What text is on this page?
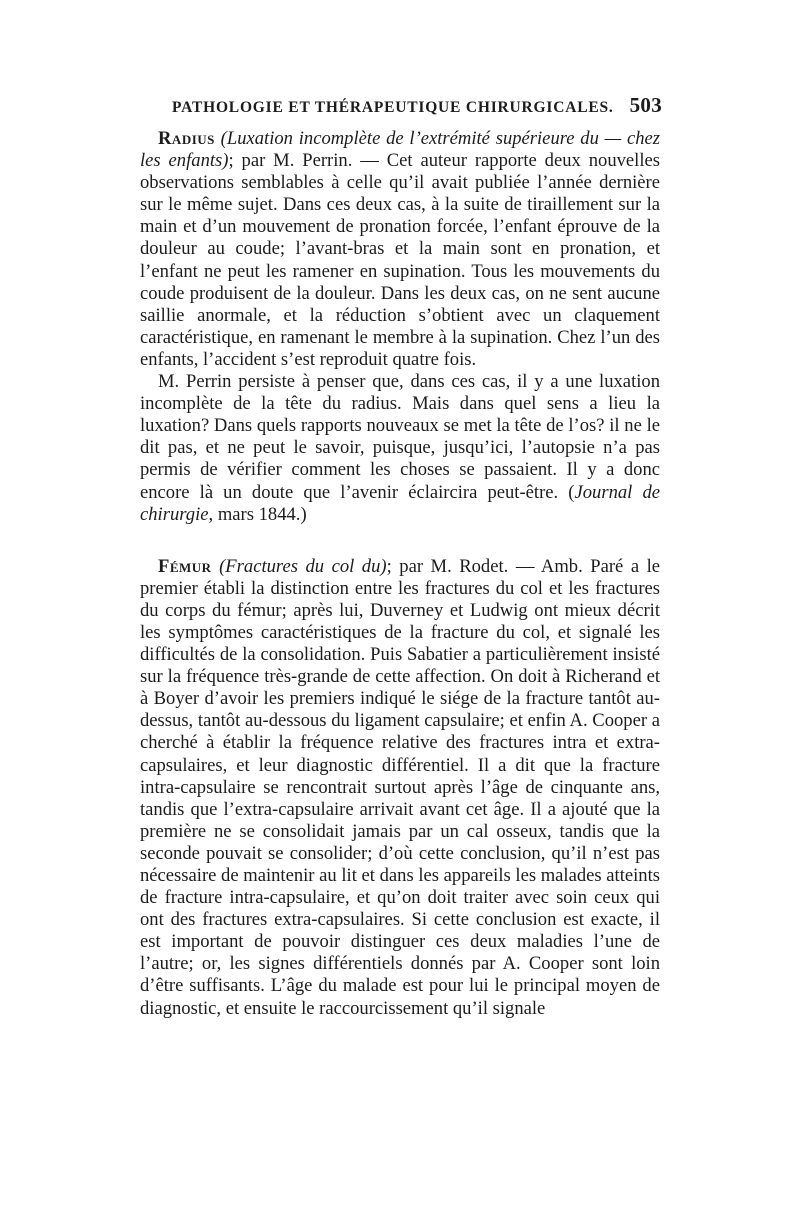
PATHOLOGIE ET THÉRAPEUTIQUE CHIRURGICALES. 503

Radius (Luxation incomplète de l’extrémité supérieure du — chez les enfants); par M. Perrin. — Cet auteur rapporte deux nouvelles observations semblables à celle qu’il avait publiée l’année dernière sur le même sujet. Dans ces deux cas, à la suite de tiraillement sur la main et d’un mouvement de pronation forcée, l’enfant éprouve de la douleur au coude; l’avant-bras et la main sont en pronation, et l’enfant ne peut les ramener en supination. Tous les mouvements du coude produisent de la douleur. Dans les deux cas, on ne sent aucune saillie anormale, et la réduction s’obtient avec un claquement caractéristique, en ramenant le membre à la supination. Chez l’un des enfants, l’accident s’est reproduit quatre fois.

M. Perrin persiste à penser que, dans ces cas, il y a une luxation incomplète de la tête du radius. Mais dans quel sens a lieu la luxation? Dans quels rapports nouveaux se met la tête de l’os? il ne le dit pas, et ne peut le savoir, puisque, jusqu’ici, l’autopsie n’a pas permis de vérifier comment les choses se passaient. Il y a donc encore là un doute que l’avenir éclaircira peut-être. (Journal de chirurgie, mars 1844.)

Fémur (Fractures du col du); par M. Rodet. — Amb. Paré a le premier établi la distinction entre les fractures du col et les fractures du corps du fémur; après lui, Duverney et Ludwig ont mieux décrit les symptômes caractéristiques de la fracture du col, et signalé les difficultés de la consolidation. Puis Sabatier a particulièrement insisté sur la fréquence très-grande de cette affection. On doit à Richerand et à Boyer d’avoir les premiers indiqué le siége de la fracture tantôt au-dessus, tantôt au-dessous du ligament capsulaire; et enfin A. Cooper a cherché à établir la fréquence relative des fractures intra et extra-capsulaires, et leur diagnostic différentiel. Il a dit que la fracture intra-capsulaire se rencontrait surtout après l’âge de cinquante ans, tandis que l’extra-capsulaire arrivait avant cet âge. Il a ajouté que la première ne se consolidait jamais par un cal osseux, tandis que la seconde pouvait se consolider; d’où cette conclusion, qu’il n’est pas nécessaire de maintenir au lit et dans les appareils les malades atteints de fracture intra-capsulaire, et qu’on doit traiter avec soin ceux qui ont des fractures extra-capsulaires. Si cette conclusion est exacte, il est important de pouvoir distinguer ces deux maladies l’une de l’autre; or, les signes différentiels donnés par A. Cooper sont loin d’être suffisants. L’âge du malade est pour lui le principal moyen de diagnostic, et ensuite le raccourcissement qu’il signale
